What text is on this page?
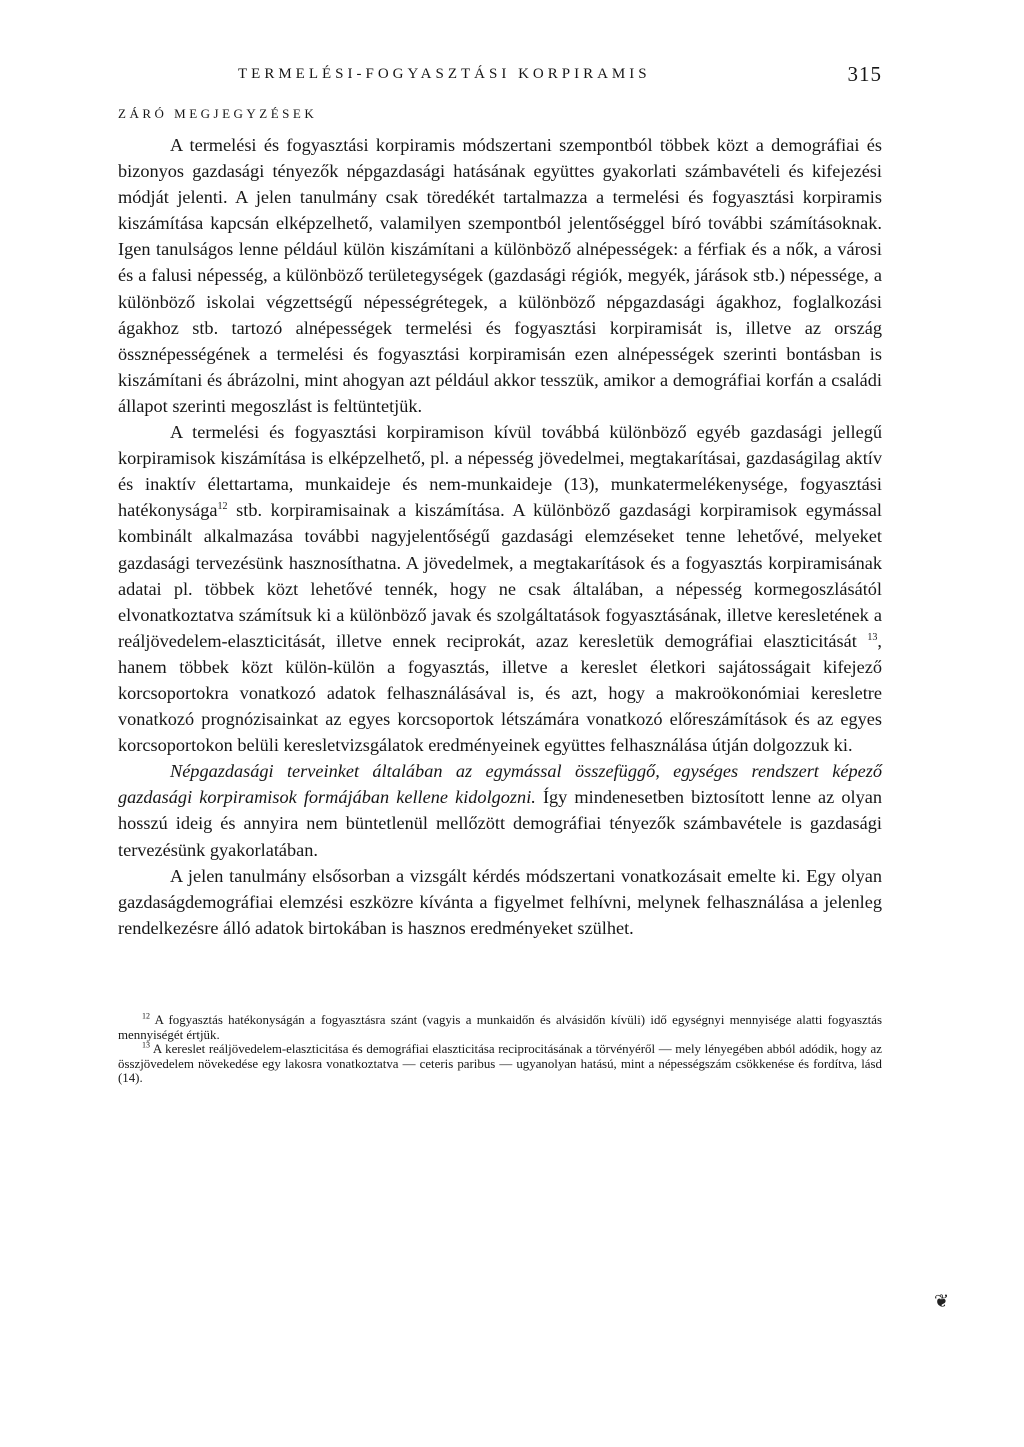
TERMELÉSI-FOGYASZTÁSI KORPIRAMIS	315
ZÁRÓ MEGJEGYZÉSEK

A termelési és fogyasztási korpiramis módszertani szempontból többek közt a demográfiai és bizonyos gazdasági tényezők népgazdasági hatásának együttes gyakorlati számbavételi és kifejezési módját jelenti. A jelen tanulmány csak töredékét tartalmazza a termelési és fogyasztási korpiramis kiszámítása kapcsán elképzelhető, valamilyen szempontból jelentőséggel bíró további számításoknak. Igen tanulságos lenne például külön kiszámítani a különböző alnépességek: a férfiak és a nők, a városi és a falusi népesség, a különböző területegységek (gazdasági régiók, megyék, járások stb.) népessége, a különböző iskolai végzettségű népességrétegek, a különböző népgazdasági ágakhoz, foglalkozási ágakhoz stb. tartozó alnépességek termelési és fogyasztási korpiramisát is, illetve az ország össznépességének a termelési és fogyasztási korpiramisán ezen alnépességek szerinti bontásban is kiszámítani és ábrázolni, mint ahogyan azt például akkor tesszük, amikor a demográfiai korfán a családi állapot szerinti megoszlást is feltüntetjük.

A termelési és fogyasztási korpiramison kívül továbbá különböző egyéb gazdasági jellegű korpiramisok kiszámítása is elképzelhető, pl. a népesség jövedelmei, megtakarításai, gazdaságilag aktív és inaktív élettartama, munkaideje és nem-munkaideje (13), munkatermelékenysége, fogyasztási hatékonysága$^{12}$ stb. korpiramisainak a kiszámítása. A különböző gazdasági korpiramisok egymással kombinált alkalmazása további nagyjelentőségű gazdasági elemzéseket tenne lehetővé, melyeket gazdasági tervezésünk hasznosíthatna. A jövedelmek, a megtakarítások és a fogyasztás korpiramisának adatai pl. többek közt lehetővé tennék, hogy ne csak általában, a népesség kormegoszlásától elvonatkoztatva számítsuk ki a különböző javak és szolgáltatások fogyasztásának, illetve keresletének a reáljövedelem-elaszticitását, illetve ennek reciprokát, azaz keresletük demográfiai elaszticitását $^{13}$, hanem többek közt külön-külön a fogyasztás, illetve a kereslet életkori sajátosságait kifejező korcsoportokra vonatkozó adatok felhasználásával is, és azt, hogy a makroökonómiai keresletre vonatkozó prognózisainkat az egyes korcsoportok létszámára vonatkozó előreszámítások és az egyes korcsoportokon belüli keresletvizsgálatok eredményeinek együttes felhasználása útján dolgozzuk ki.

Népgazdasági terveinket általában az egymással összefüggő, egységes rendszert képező gazdasági korpiramisok formájában kellene kidolgozni. Így mindenesetben biztosított lenne az olyan hosszú ideig és annyira nem büntetlenül mellőzött demográfiai tényezők számbavétele is gazdasági tervezésünk gyakorlatában.

A jelen tanulmány elsősorban a vizsgált kérdés módszertani vonatkozásait emelte ki. Egy olyan gazdaságdemográfiai elemzési eszközre kívánta a figyelmet felhívni, melynek felhasználása a jelenleg rendelkezésre álló adatok birtokában is hasznos eredményeket szülhet.

$^{12}$ A fogyasztás hatékonyságán a fogyasztásra szánt (vagyis a munkaidőn és alvásidőn kívüli) idő egységnyi mennyisége alatti fogyasztás mennyiségét értjük.

$^{13}$ A kereslet reáljövedelem-elaszticitása és demográfiai elaszticitása reciprocitásának a törvényéről — mely lényegében abból adódik, hogy az összjövedelem növekedése egy lakosra vonatkoztatva — ceteris paribus — ugyanolyan hatású, mint a népességszám csökkenése és fordítva, lásd (14).

❦
